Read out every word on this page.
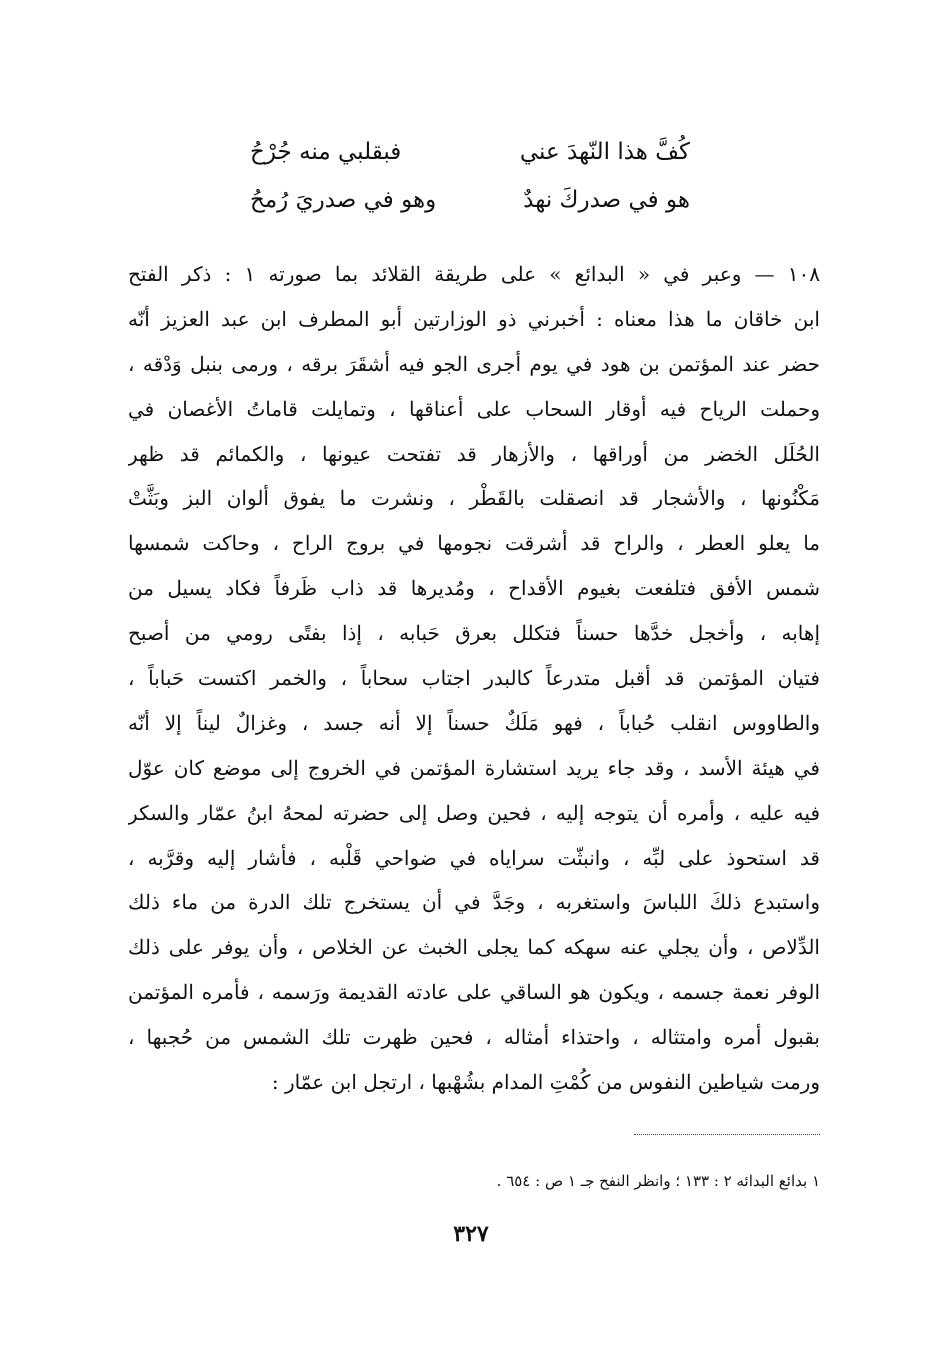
كُفَّ هذا النّهدَ عني
فبقلبي منه جُرْحُ
هو في صدركَ نهدٌ
وهو في صدريَ رُمحُ
١٠٨ — وعبر في « البدائع » على طريقة القلائد بما صورته ١ : ذكر الفتح
ابن خاقان ما هذا معناه : أخبرني ذو الوزارتين أبو المطرف ابن عبد العزيز أنّه
حضر عند المؤتمن بن هود في يوم أجرى الجو فيه أشقَرَ برقه ، ورمى بنبل وَدْقه ،
وحملت الرياح فيه أوقار السحاب على أعناقها ، وتمايلت قاماتُ الأغصان في
الحُلَل الخضر من أوراقها ، والأزهار قد تفتحت عيونها ، والكمائم قد ظهر
مَكْنُونها ، والأشجار قد انصقلت بالقَطْر ، ونشرت ما يفوق ألوان البز وبَثَّتْ
ما يعلو العطر ، والراح قد أشرقت نجومها في بروج الراح ، وحاكت شمسها
شمس الأفق فتلفعت بغيوم الأقداح ، ومُديرها قد ذاب ظَرفاً فكاد يسيل من
إهابه ، وأخجل خدَّها حسناً فتكلل بعرق حَبابه ، إذا بفتًى رومي من أصبح
فتيان المؤتمن قد أقبل متدرعاً كالبدر اجتاب سحاباً ، والخمر اكتست حَباباً ،
والطاووس انقلب حُباباً ، فهو مَلَكٌ حسناً إلا أنه جسد ، وغزالٌ ليناً إلا أنّه
في هيئة الأسد ، وقد جاء يريد استشارة المؤتمن في الخروج إلى موضع كان عوّل
فيه عليه ، وأمره أن يتوجه إليه ، فحين وصل إلى حضرته لمحهُ ابنُ عمّار والسكر
قد استحوذ على لبِّه ، وانبثّت سراياه في ضواحي قَلْبه ، فأشار إليه وقرَّبه ،
واستبدع ذلكَ اللباسَ واستغربه ، وجَدَّ في أن يستخرج تلك الدرة من ماء ذلك
الدِّلاص ، وأن يجلي عنه سهكه كما يجلى الخبث عن الخلاص ، وأن يوفر على ذلك
الوفر نعمة جسمه ، ويكون هو الساقي على عادته القديمة ورَسمه ، فأمره المؤتمن
بقبول أمره وامتثاله ، واحتذاء أمثاله ، فحين ظهرت تلك الشمس من حُجبها ،
ورمت شياطين النفوس من كُمْتِ المدام بشُهْبها ، ارتجل ابن عمّار :
١ بدائع البدائه ٢ : ١٣٣ ؛ وانظر النفح جـ ١ ص : ٦٥٤ .
٣٢٧
